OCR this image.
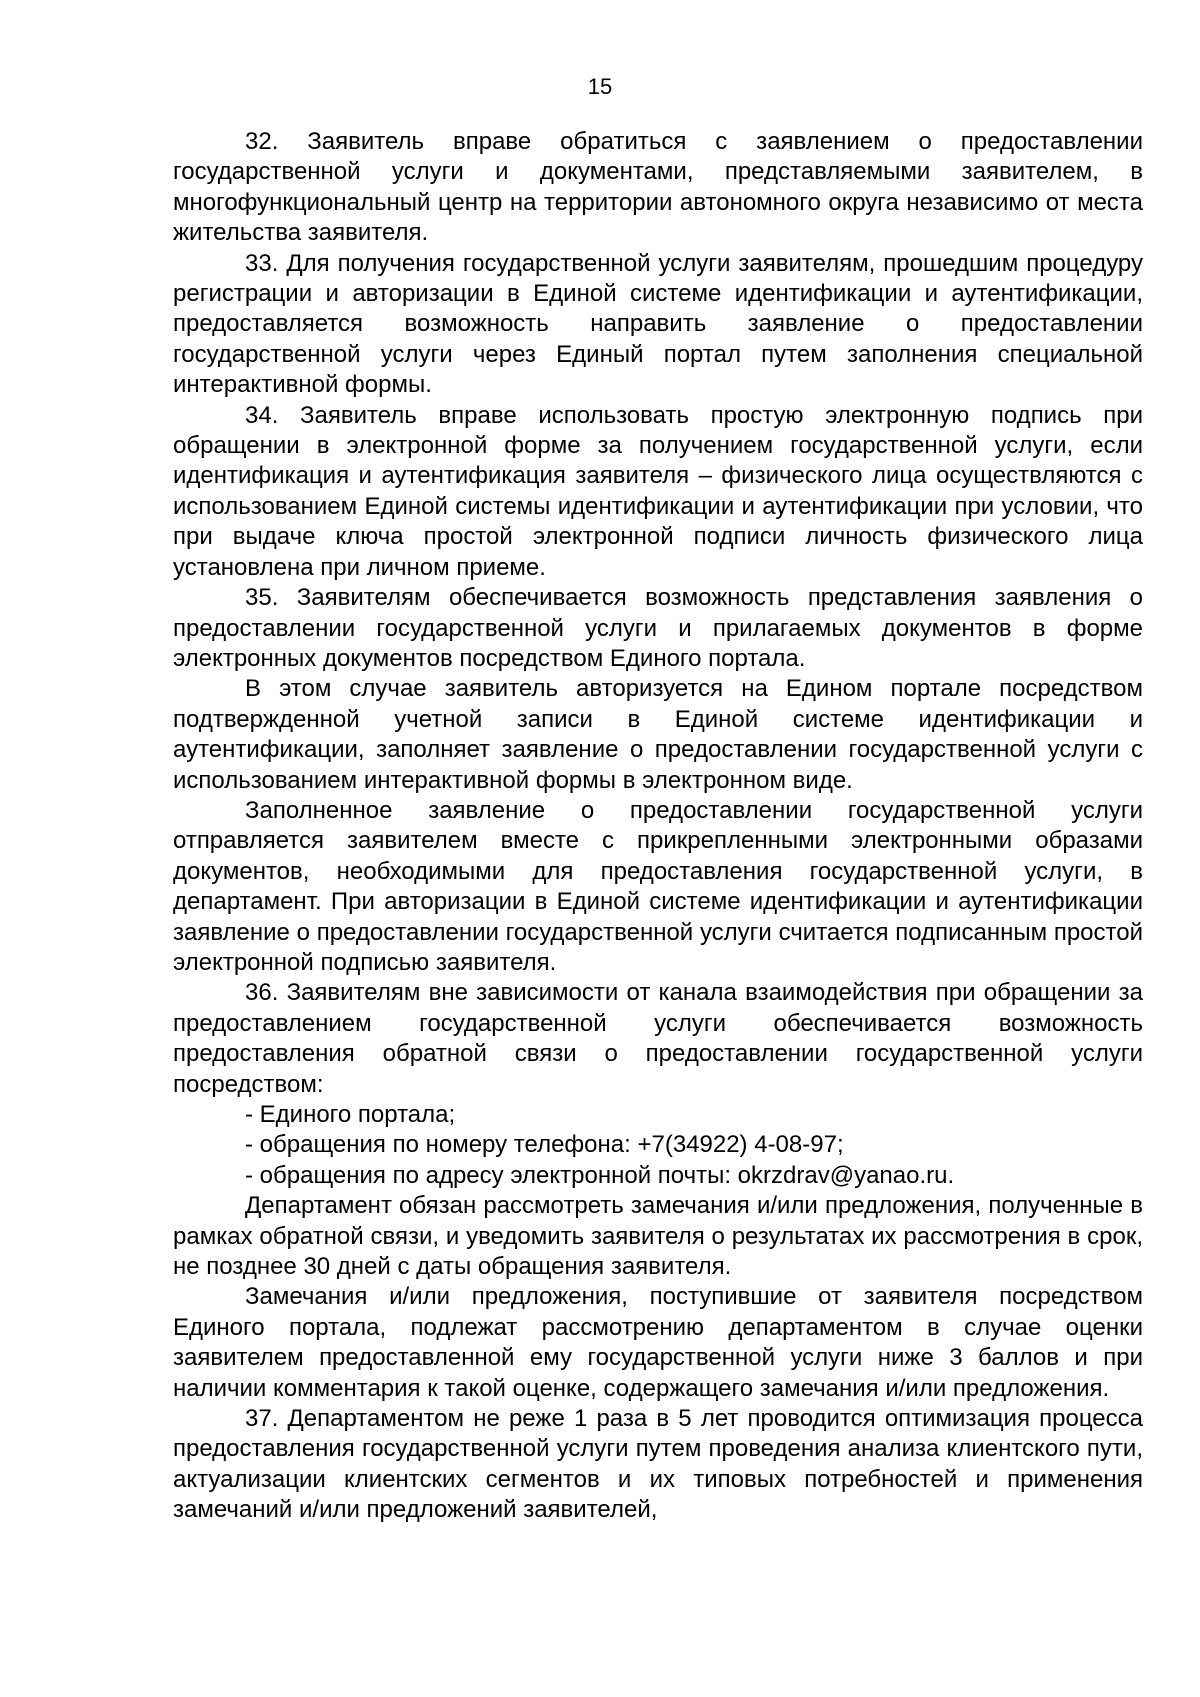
15

32. Заявитель вправе обратиться с заявлением о предоставлении государственной услуги и документами, представляемыми заявителем, в многофункциональный центр на территории автономного округа независимо от места жительства заявителя.

33. Для получения государственной услуги заявителям, прошедшим процедуру регистрации и авторизации в Единой системе идентификации и аутентификации, предоставляется возможность направить заявление о предоставлении государственной услуги через Единый портал путем заполнения специальной интерактивной формы.

34. Заявитель вправе использовать простую электронную подпись при обращении в электронной форме за получением государственной услуги, если идентификация и аутентификация заявителя – физического лица осуществляются с использованием Единой системы идентификации и аутентификации при условии, что при выдаче ключа простой электронной подписи личность физического лица установлена при личном приеме.

35. Заявителям обеспечивается возможность представления заявления о предоставлении государственной услуги и прилагаемых документов в форме электронных документов посредством Единого портала.

В этом случае заявитель авторизуется на Едином портале посредством подтвержденной учетной записи в Единой системе идентификации и аутентификации, заполняет заявление о предоставлении государственной услуги с использованием интерактивной формы в электронном виде.

Заполненное заявление о предоставлении государственной услуги отправляется заявителем вместе с прикрепленными электронными образами документов, необходимыми для предоставления государственной услуги, в департамент. При авторизации в Единой системе идентификации и аутентификации заявление о предоставлении государственной услуги считается подписанным простой электронной подписью заявителя.

36. Заявителям вне зависимости от канала взаимодействия при обращении за предоставлением государственной услуги обеспечивается возможность предоставления обратной связи о предоставлении государственной услуги посредством:

- Единого портала;

- обращения по номеру телефона: +7(34922) 4-08-97;

- обращения по адресу электронной почты: okrzdrav@yanao.ru.

Департамент обязан рассмотреть замечания и/или предложения, полученные в рамках обратной связи, и уведомить заявителя о результатах их рассмотрения в срок, не позднее 30 дней с даты обращения заявителя.

Замечания и/или предложения, поступившие от заявителя посредством Единого портала, подлежат рассмотрению департаментом в случае оценки заявителем предоставленной ему государственной услуги ниже 3 баллов и при наличии комментария к такой оценке, содержащего замечания и/или предложения.

37. Департаментом не реже 1 раза в 5 лет проводится оптимизация процесса предоставления государственной услуги путем проведения анализа клиентского пути, актуализации клиентских сегментов и их типовых потребностей и применения замечаний и/или предложений заявителей,
